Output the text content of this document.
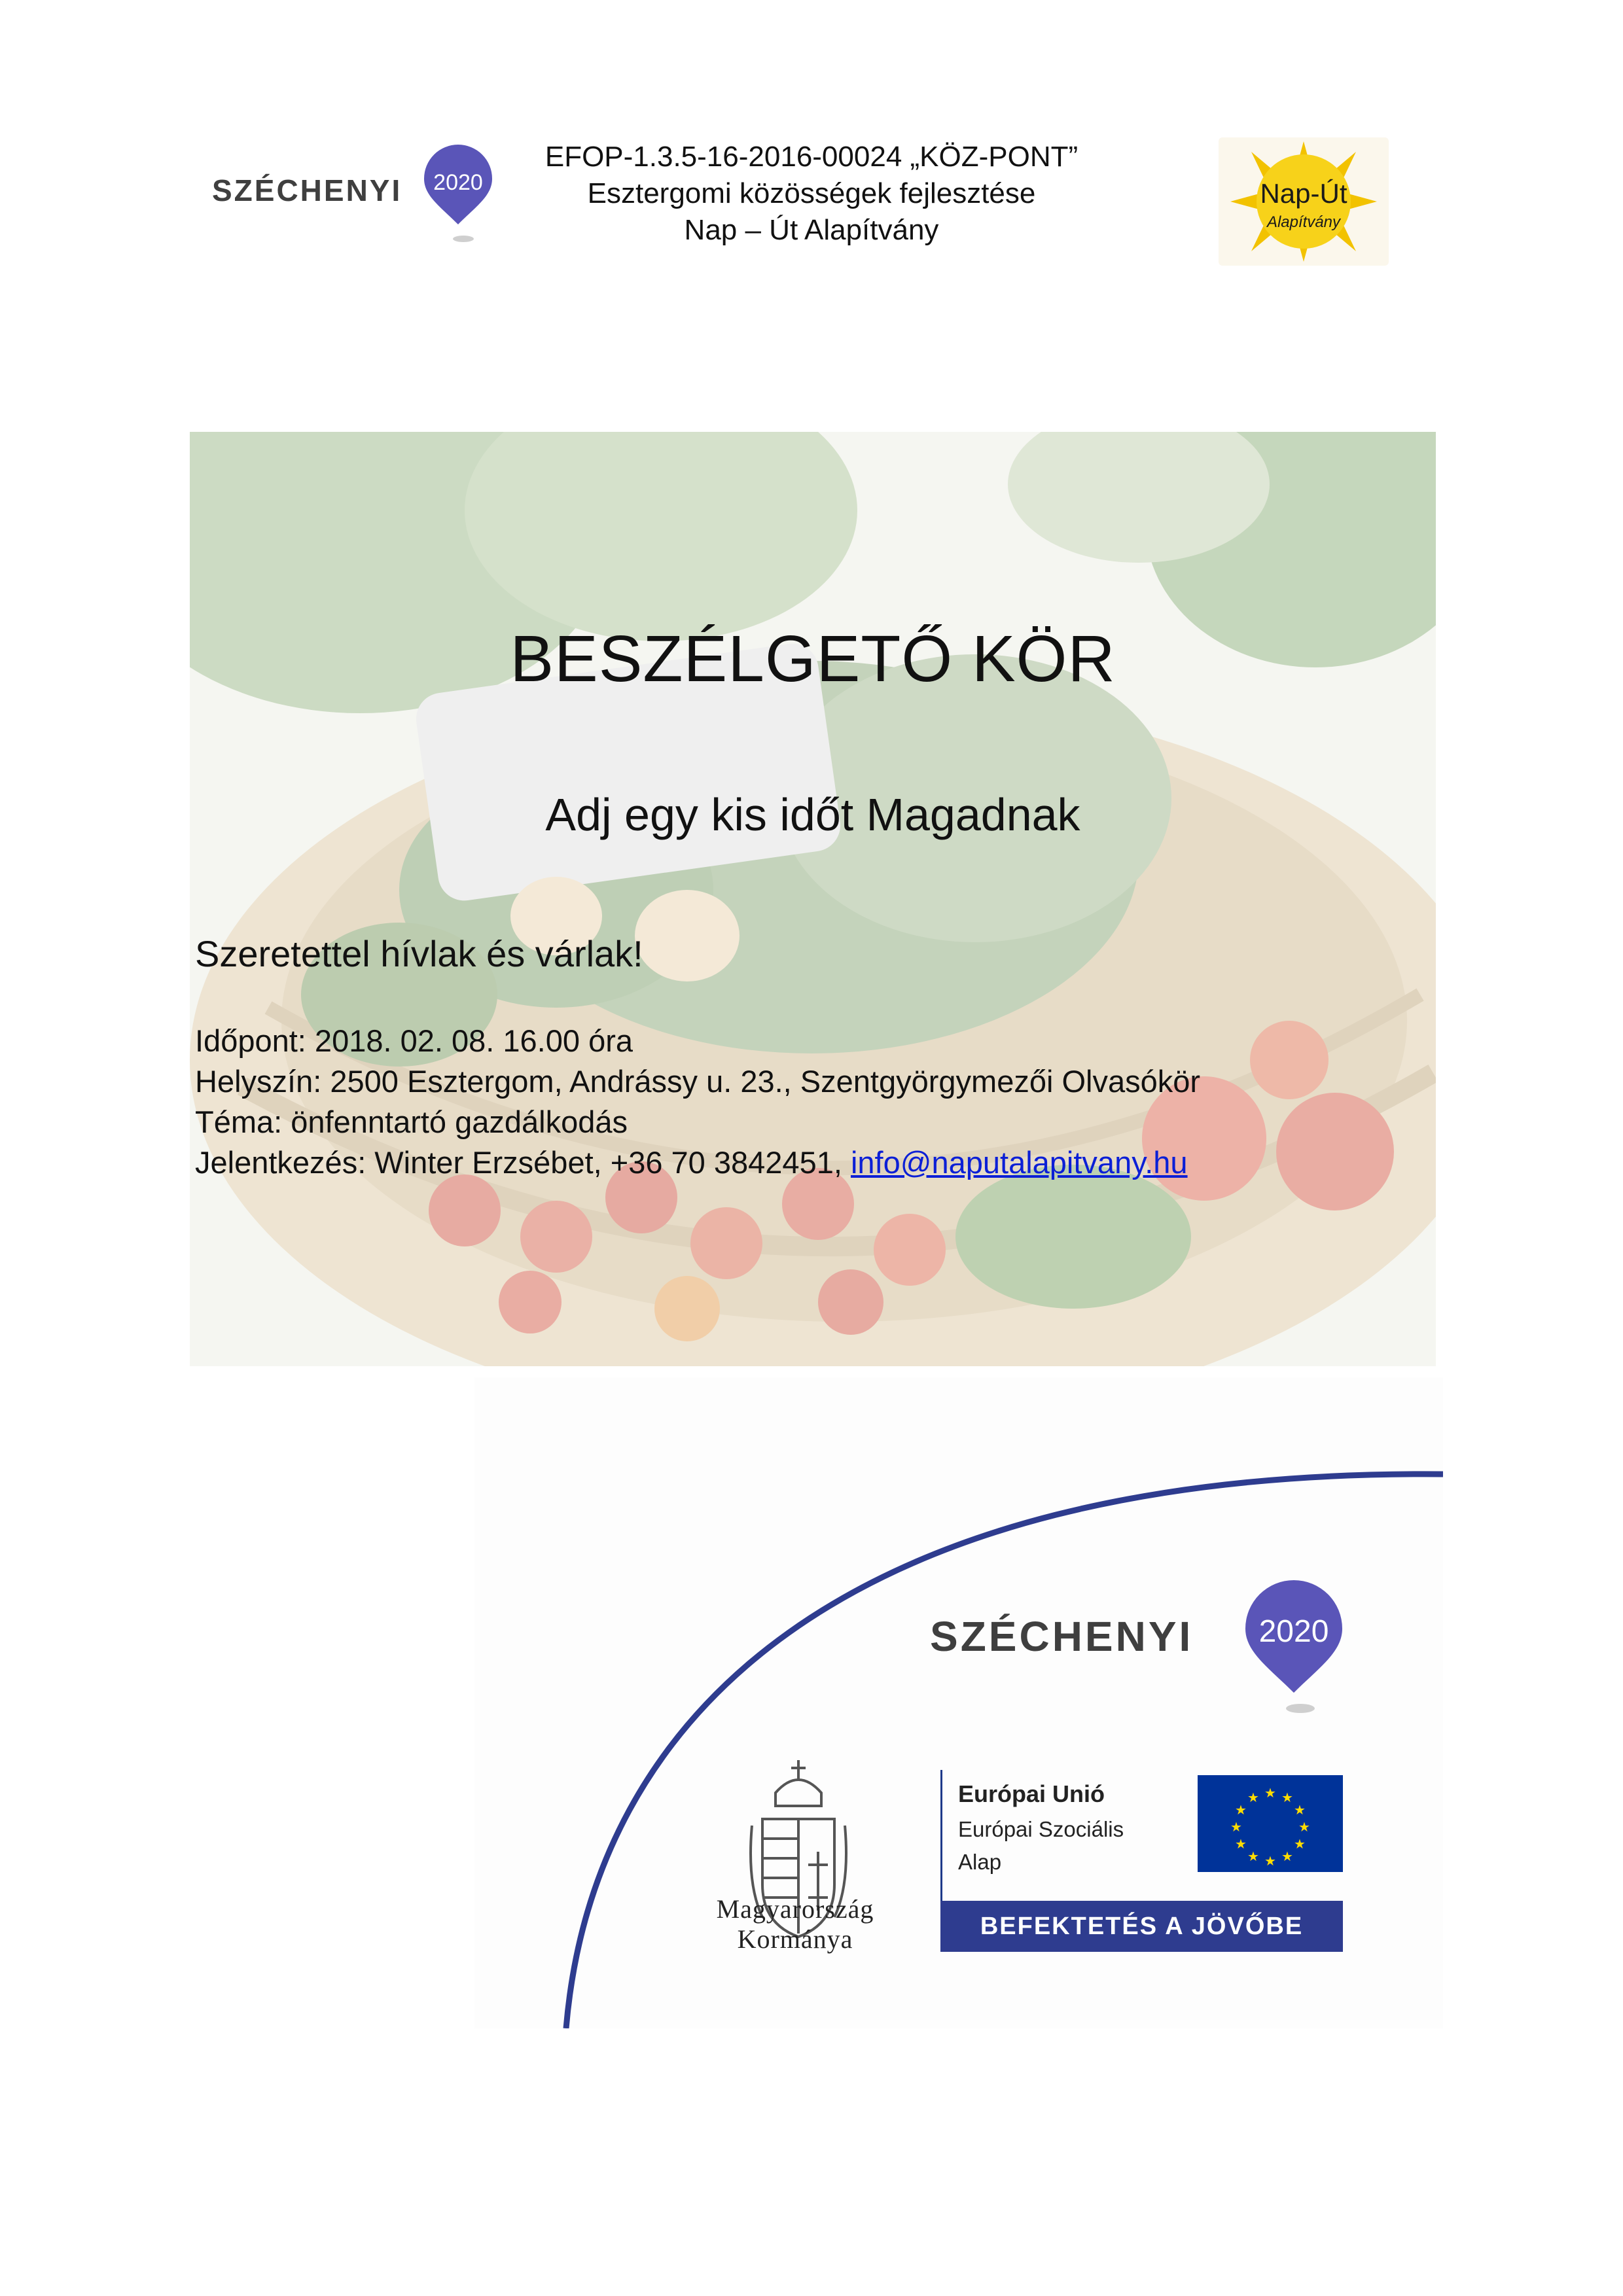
SZÉCHENYI 2020
EFOP-1.3.5-16-2016-00024 „KÖZ-PONT”
Esztergomi közösségek fejlesztése
Nap – Út Alapítvány
Nap-Út
Alapítvány
BESZÉLGETŐ KÖR
Adj egy kis időt Magadnak
Szeretettel hívlak és várlak!
Időpont: 2018. 02. 08. 16.00 óra
Helyszín: 2500 Esztergom, Andrássy u. 23., Szentgyörgymezői Olvasókör
Téma: önfenntartó gazdálkodás
Jelentkezés: Winter Erzsébet, +36 70 3842451, info@naputalapitvany.hu
SZÉCHENYI 2020
Magyarország
Kormánya
Európai Unió
Európai Szociális
Alap
★ ★
★
★
★
★
★
★
★
★
★
★
BEFEKTETÉS A JÖVŐBE
